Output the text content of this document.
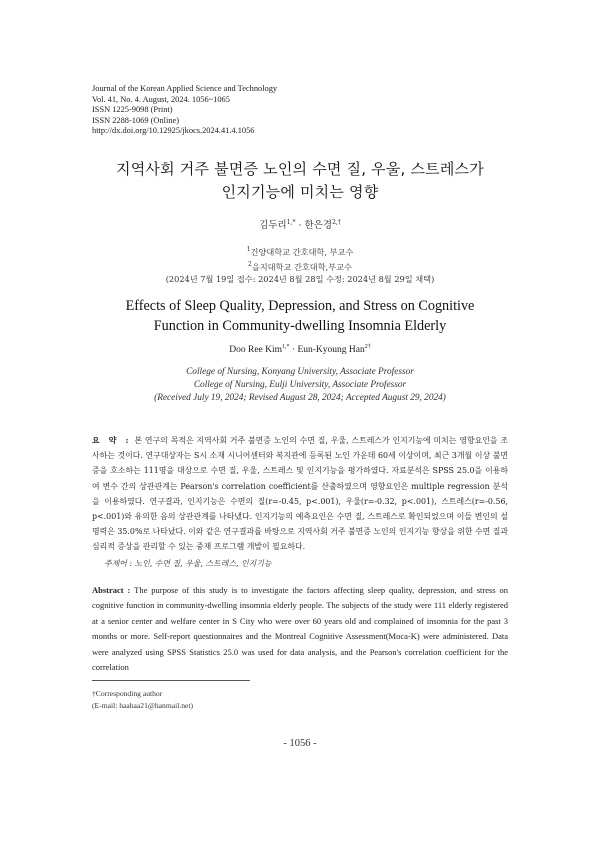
Journal of the Korean Applied Science and Technology
Vol. 41, No. 4. August, 2024. 1056~1065
ISSN 1225-9098 (Print)
ISSN 2288-1069 (Online)
http://dx.doi.org/10.12925/jkocs.2024.41.4.1056
지역사회 거주 불면증 노인의 수면 질, 우울, 스트레스가
인지기능에 미치는 영향
김두리$^{1,*}$ · 한은경$^{2,\dagger}$
$^1$건양대학교 간호대학, 부교수
$^2$을지대학교 간호대학,부교수
(2024년 7월 19일 접수: 2024년 8월 28일 수정: 2024년 8월 29일 채택)
Effects of Sleep Quality, Depression, and Stress on Cognitive
Function in Community-dwelling Insomnia Elderly
Doo Ree Kim$^{1,*}$ · Eun-Kyoung Han$^{2\dagger}$
College of Nursing, Konyang University, Associate Professor
College of Nursing, Eulji University, Associate Professor
(Received July 19, 2024; Revised August 28, 2024; Accepted August 29, 2024)
요 약 : 본 연구의 목적은 지역사회 거주 불면증 노인의 수면 질, 우울, 스트레스가 인지기능에 미치는 영향요인을 조사하는 것이다. 연구대상자는 S시 소재 시니어센터와 복지관에 등록된 노인 가운데 60세 이상이며, 최근 3개월 이상 불면증을 호소하는 111명을 대상으로 수면 질, 우울, 스트레스 및 인지기능을 평가하였다. 자료분석은 SPSS 25.0을 이용하여 변수 간의 상관관계는 Pearson's correlation coefficient를 산출하였으며 영향요인은 multiple regression 분석을 이용하였다. 연구결과, 인지기능은 수면의 질(r=-0.45, p<.001), 우울(r=-0.32, p<.001), 스트레스(r=-0.56, p<.001)와 유의한 음의 상관관계를 나타냈다. 인지기능의 예측요인은 수면 질, 스트레스로 확인되었으며 이들 변인의 설명력은 35.0%로 나타났다. 이와 같은 연구결과를 바탕으로 지역사회 거주 불면증 노인의 인지기능 향상을 위한 수면 질과 심리적 증상을 관리할 수 있는 중재 프로그램 개발이 필요하다.
주제어 : 노인, 수면 질, 우울, 스트레스, 인지기능
Abstract : The purpose of this study is to investigate the factors affecting sleep quality, depression, and stress on cognitive function in community-dwelling insomnia elderly people. The subjects of the study were 111 elderly registered at a senior center and welfare center in S City who were over 60 years old and complained of insomnia for the past 3 months or more. Self-report questionnaires and the Montreal Cognitive Assessment(Moca-K) were administered. Data were analyzed using SPSS Statistics 25.0 was used for data analysis, and the Pearson's correlation coefficient for the correlation
†Corresponding author
(E-mail: haahaa21@hanmail.net)
- 1056 -
